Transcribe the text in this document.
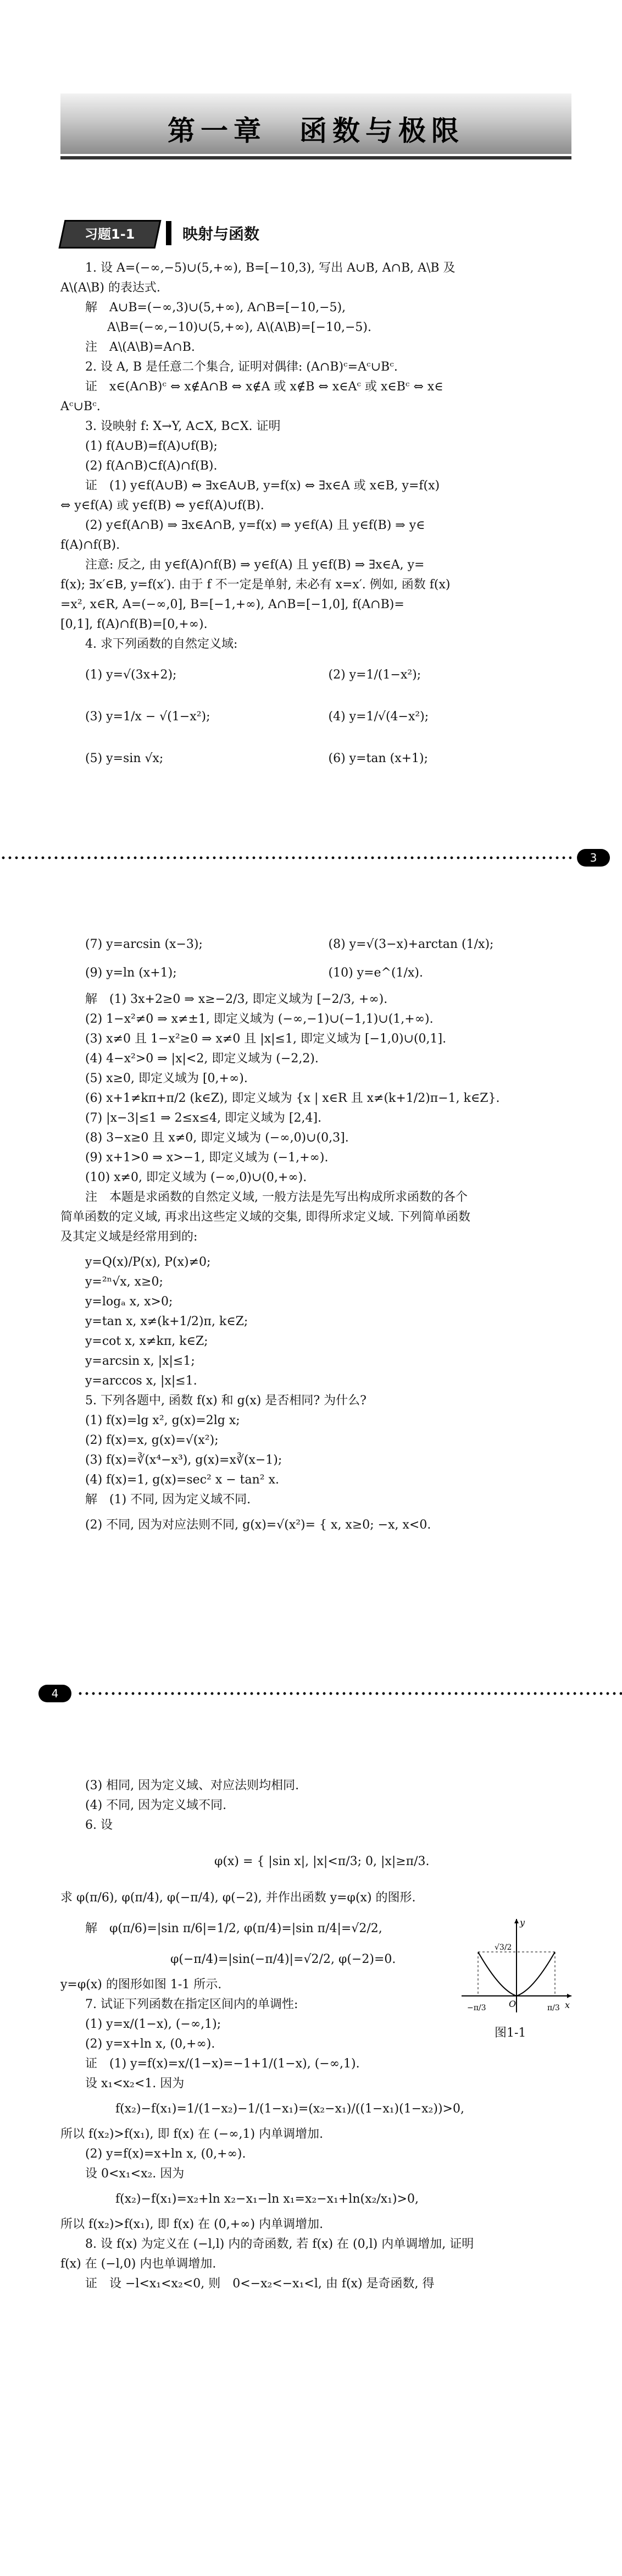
第一章　函数与极限
习题1-1	映射与函数

1. 设 A=(−∞,−5)∪(5,+∞), B=[−10,3), 写出 A∪B, A∩B, A\B 及

A\(A\B) 的表达式.

解　A∪B=(−∞,3)∪(5,+∞), A∩B=[−10,−5),

A\B=(−∞,−10)∪(5,+∞), A\(A\B)=[−10,−5).

注　A\(A\B)=A∩B.

2. 设 A, B 是任意二个集合, 证明对偶律: (A∩B)ᶜ=Aᶜ∪Bᶜ.

证　x∈(A∩B)ᶜ ⇔ x∉A∩B ⇔ x∉A 或 x∉B ⇔ x∈Aᶜ 或 x∈Bᶜ ⇔ x∈

Aᶜ∪Bᶜ.

3. 设映射 f: X→Y, A⊂X, B⊂X. 证明

(1) f(A∪B)=f(A)∪f(B);

(2) f(A∩B)⊂f(A)∩f(B).

证　(1) y∈f(A∪B) ⇔ ∃x∈A∪B, y=f(x) ⇔ ∃x∈A 或 x∈B, y=f(x)

⇔ y∈f(A) 或 y∈f(B) ⇔ y∈f(A)∪f(B).

(2) y∈f(A∩B) ⇒ ∃x∈A∩B, y=f(x) ⇒ y∈f(A) 且 y∈f(B) ⇒ y∈

f(A)∩f(B).

注意: 反之, 由 y∈f(A)∩f(B) ⇒ y∈f(A) 且 y∈f(B) ⇒ ∃x∈A, y=

f(x); ∃x′∈B, y=f(x′). 由于 f 不一定是单射, 未必有 x=x′. 例如, 函数 f(x)

=x², x∈R, A=(−∞,0], B=[−1,+∞), A∩B=[−1,0], f(A∩B)=

[0,1], f(A)∩f(B)=[0,+∞).

4. 求下列函数的自然定义域:

(1) y=√(3x+2);	(2) y=1/(1−x²);
(3) y=1/x − √(1−x²);	(4) y=1/√(4−x²);
(5) y=sin √x;	(6) y=tan (x+1);
3
(7) y=arcsin (x−3);	(8) y=√(3−x)+arctan (1/x);
(9) y=ln (x+1);	(10) y=e^(1/x).

解　(1) 3x+2≥0 ⇒ x≥−2/3, 即定义域为 [−2/3, +∞).

(2) 1−x²≠0 ⇒ x≠±1, 即定义域为 (−∞,−1)∪(−1,1)∪(1,+∞).

(3) x≠0 且 1−x²≥0 ⇒ x≠0 且 |x|≤1, 即定义域为 [−1,0)∪(0,1].

(4) 4−x²>0 ⇒ |x|<2, 即定义域为 (−2,2).

(5) x≥0, 即定义域为 [0,+∞).

(6) x+1≠kπ+π/2 (k∈Z), 即定义域为 {x | x∈R 且 x≠(k+1/2)π−1, k∈Z}.

(7) |x−3|≤1 ⇒ 2≤x≤4, 即定义域为 [2,4].

(8) 3−x≥0 且 x≠0, 即定义域为 (−∞,0)∪(0,3].

(9) x+1>0 ⇒ x>−1, 即定义域为 (−1,+∞).

(10) x≠0, 即定义域为 (−∞,0)∪(0,+∞).

注　本题是求函数的自然定义域, 一般方法是先写出构成所求函数的各个

简单函数的定义域, 再求出这些定义域的交集, 即得所求定义域. 下列简单函数

及其定义域是经常用到的:

y=Q(x)/P(x), P(x)≠0;

y=²ⁿ√x, x≥0;

y=logₐ x, x>0;

y=tan x, x≠(k+1/2)π, k∈Z;

y=cot x, x≠kπ, k∈Z;

y=arcsin x, |x|≤1;

y=arccos x, |x|≤1.

5. 下列各题中, 函数 f(x) 和 g(x) 是否相同? 为什么?

(1) f(x)=lg x², g(x)=2lg x;

(2) f(x)=x, g(x)=√(x²);

(3) f(x)=∛(x⁴−x³), g(x)=x∛(x−1);

(4) f(x)=1, g(x)=sec² x − tan² x.

解　(1) 不同, 因为定义域不同.

(2) 不同, 因为对应法则不同, g(x)=√(x²)= { x, x≥0; −x, x<0.

4

(3) 相同, 因为定义域、对应法则均相同.

(4) 不同, 因为定义域不同.

6. 设

φ(x) = { |sin x|, |x|<π/3; 0, |x|≥π/3.

求 φ(π/6), φ(π/4), φ(−π/4), φ(−2), 并作出函数 y=φ(x) 的图形.

解　φ(π/6)=|sin π/6|=1/2, φ(π/4)=|sin π/4|=√2/2,

φ(−π/4)=|sin(−π/4)|=√2/2, φ(−2)=0.

y=φ(x) 的图形如图 1-1 所示.

7. 试证下列函数在指定区间内的单调性:

(1) y=x/(1−x), (−∞,1);

(2) y=x+ln x, (0,+∞).

证　(1) y=f(x)=x/(1−x)=−1+1/(1−x), (−∞,1).

设 x₁<x₂<1. 因为

f(x₂)−f(x₁)=1/(1−x₂)−1/(1−x₁)=(x₂−x₁)/((1−x₁)(1−x₂))>0,

所以 f(x₂)>f(x₁), 即 f(x) 在 (−∞,1) 内单调增加.

(2) y=f(x)=x+ln x, (0,+∞).

设 0<x₁<x₂. 因为

f(x₂)−f(x₁)=x₂+ln x₂−x₁−ln x₁=x₂−x₁+ln(x₂/x₁)>0,

所以 f(x₂)>f(x₁), 即 f(x) 在 (0,+∞) 内单调增加.

8. 设 f(x) 为定义在 (−l,l) 内的奇函数, 若 f(x) 在 (0,l) 内单调增加, 证明

f(x) 在 (−l,0) 内也单调增加.

证　设 −l<x₁<x₂<0, 则　0<−x₂<−x₁<l, 由 f(x) 是奇函数, 得

y
x
O
−π/3	π/3
√3/2
图1-1
